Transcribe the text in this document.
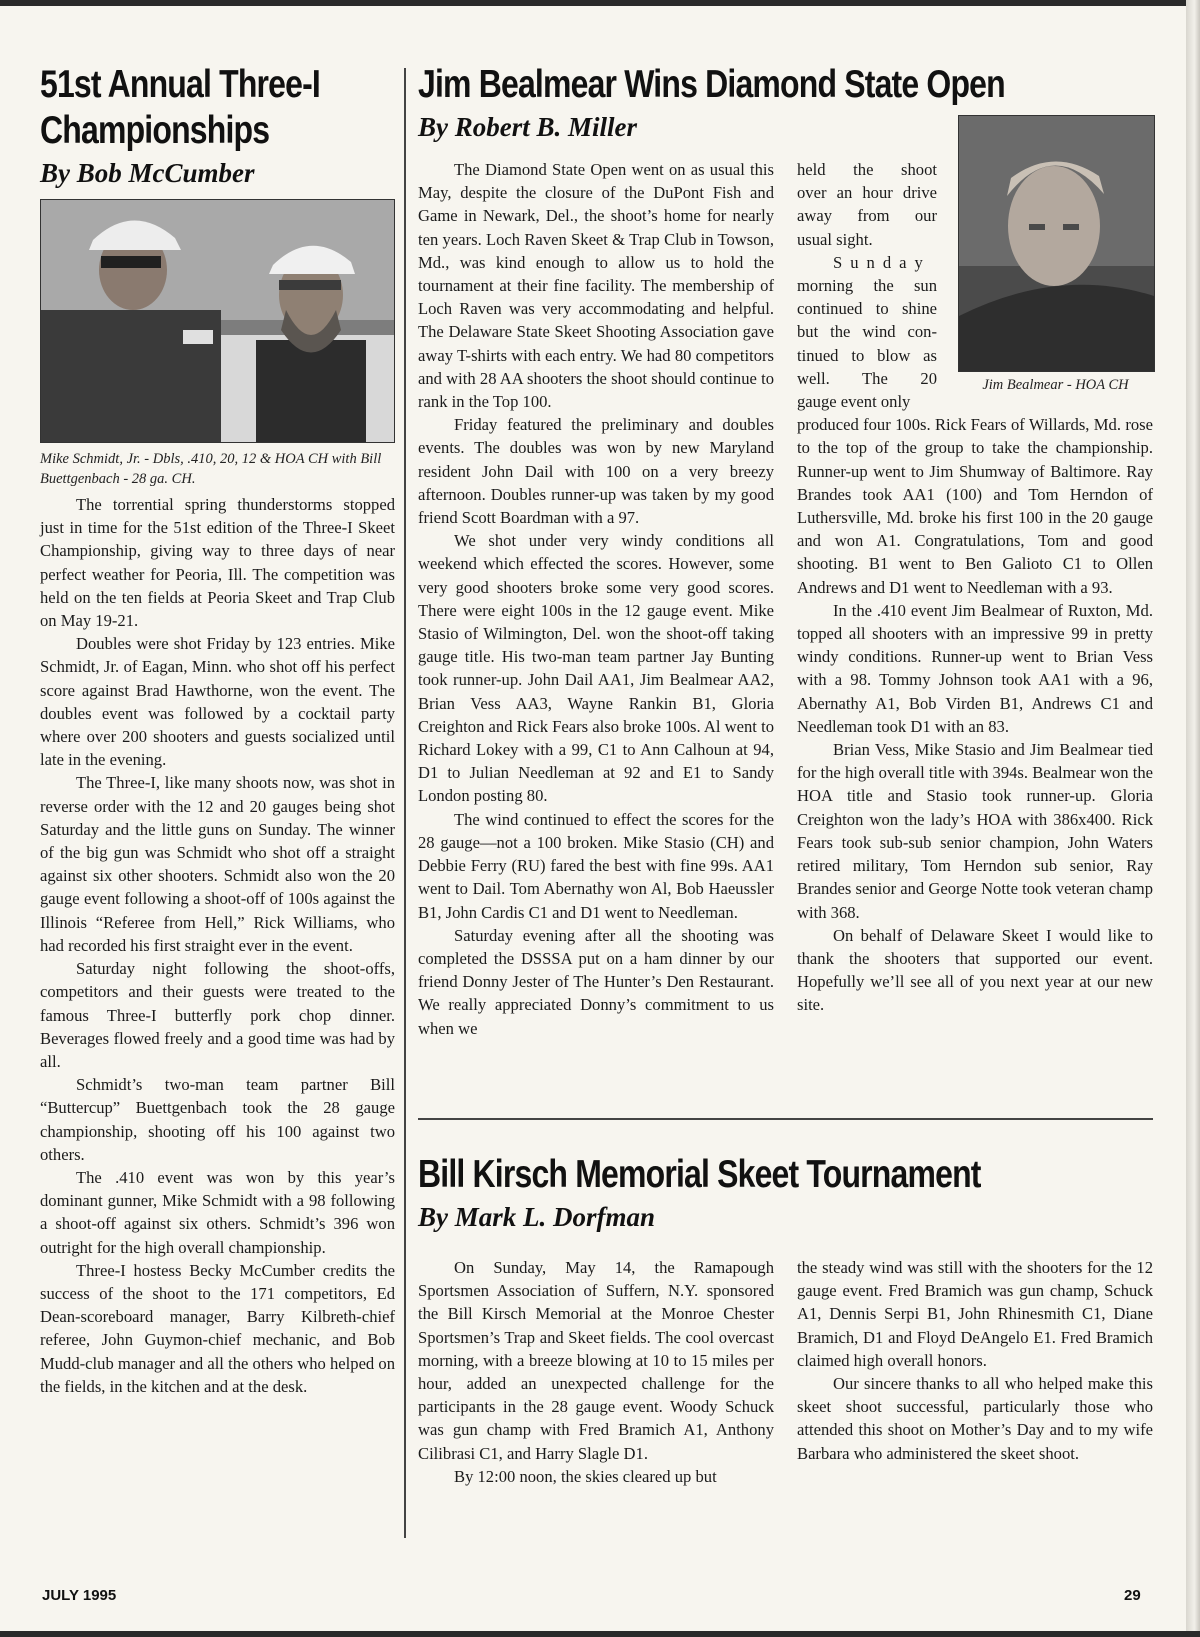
51st Annual Three-I Championships
By Bob McCumber
Mike Schmidt, Jr. - Dbls, .410, 20, 12 & HOA CH with Bill Buettgenbach - 28 ga. CH.

The torrential spring thunderstorms stopped just in time for the 51st edition of the Three-I Skeet Championship, giving way to three days of near perfect weather for Peoria, Ill. The competition was held on the ten fields at Peoria Skeet and Trap Club on May 19-21.

Doubles were shot Friday by 123 entries. Mike Schmidt, Jr. of Eagan, Minn. who shot off his perfect score against Brad Hawthorne, won the event. The doubles event was followed by a cocktail party where over 200 shooters and guests socialized until late in the evening.

The Three-I, like many shoots now, was shot in reverse order with the 12 and 20 gauges being shot Saturday and the little guns on Sunday. The winner of the big gun was Schmidt who shot off a straight against six other shooters. Schmidt also won the 20 gauge event following a shoot-off of 100s against the Illinois “Referee from Hell,” Rick Williams, who had recorded his first straight ever in the event.

Saturday night following the shoot-offs, competitors and their guests were treated to the famous Three-I butterfly pork chop dinner. Beverages flowed freely and a good time was had by all.

Schmidt’s two-man team partner Bill “Buttercup” Buettgenbach took the 28 gauge championship, shooting off his 100 against two others.

The .410 event was won by this year’s dominant gunner, Mike Schmidt with a 98 following a shoot-off against six others. Schmidt’s 396 won outright for the high overall championship.

Three-I hostess Becky McCumber credits the success of the shoot to the 171 competitors, Ed Dean-scoreboard manager, Barry Kilbreth-chief referee, John Guymon-chief mechanic, and Bob Mudd-club manager and all the others who helped on the fields, in the kitchen and at the desk.

Jim Bealmear Wins Diamond State Open
By Robert B. Miller
Jim Bealmear - HOA CH

The Diamond State Open went on as usual this May, despite the closure of the DuPont Fish and Game in Newark, Del., the shoot’s home for nearly ten years. Loch Raven Skeet & Trap Club in Towson, Md., was kind enough to allow us to hold the tournament at their fine facility. The membership of Loch Raven was very accommodating and helpful. The Delaware State Skeet Shooting Association gave away T-shirts with each entry. We had 80 competitors and with 28 AA shooters the shoot should continue to rank in the Top 100.

Friday featured the preliminary and doubles events. The doubles was won by new Maryland resident John Dail with 100 on a very breezy afternoon. Doubles runner-up was taken by my good friend Scott Boardman with a 97.

We shot under very windy conditions all weekend which effected the scores. However, some very good shooters broke some very good scores. There were eight 100s in the 12 gauge event. Mike Stasio of Wilmington, Del. won the shoot-off taking gauge title. His two-man team partner Jay Bunting took runner-up. John Dail AA1, Jim Bealmear AA2, Brian Vess AA3, Wayne Rankin B1, Gloria Creighton and Rick Fears also broke 100s. Al went to Richard Lokey with a 99, C1 to Ann Calhoun at 94, D1 to Julian Needleman at 92 and E1 to Sandy London posting 80.

The wind continued to effect the scores for the 28 gauge—not a 100 broken. Mike Stasio (CH) and Debbie Ferry (RU) fared the best with fine 99s. AA1 went to Dail. Tom Abernathy won Al, Bob Haeussler B1, John Cardis C1 and D1 went to Needleman.

Saturday evening after all the shooting was completed the DSSSA put on a ham dinner by our friend Donny Jester of The Hunter’s Den Restaurant. We really appreciated Donny’s commitment to us when we

held the shoot
over an hour drive
away from our
usual sight.
Sunday
morning the sun
continued to shine
but the wind con-
tinued to blow as
well. The 20
gauge event only
produced four 100s. Rick Fears of Willards, Md. rose to the top of the group to take the championship. Runner-up went to Jim Shumway of Baltimore. Ray Brandes took AA1 (100) and Tom Herndon of Luthersville, Md. broke his first 100 in the 20 gauge and won A1. Congratulations, Tom and good shooting. B1 went to Ben Galioto C1 to Ollen Andrews and D1 went to Needleman with a 93.

In the .410 event Jim Bealmear of Ruxton, Md. topped all shooters with an impressive 99 in pretty windy conditions. Runner-up went to Brian Vess with a 98. Tommy Johnson took AA1 with a 96, Abernathy A1, Bob Virden B1, Andrews C1 and Needleman took D1 with an 83.

Brian Vess, Mike Stasio and Jim Bealmear tied for the high overall title with 394s. Bealmear won the HOA title and Stasio took runner-up. Gloria Creighton won the lady’s HOA with 386x400. Rick Fears took sub-sub senior champion, John Waters retired military, Tom Herndon sub senior, Ray Brandes senior and George Notte took veteran champ with 368.

On behalf of Delaware Skeet I would like to thank the shooters that supported our event. Hopefully we’ll see all of you next year at our new site.

Bill Kirsch Memorial Skeet Tournament
By Mark L. Dorfman

On Sunday, May 14, the Ramapough Sportsmen Association of Suffern, N.Y. sponsored the Bill Kirsch Memorial at the Monroe Chester Sportsmen’s Trap and Skeet fields. The cool overcast morning, with a breeze blowing at 10 to 15 miles per hour, added an unexpected challenge for the participants in the 28 gauge event. Woody Schuck was gun champ with Fred Bramich A1, Anthony Cilibrasi C1, and Harry Slagle D1.

By 12:00 noon, the skies cleared up but

the steady wind was still with the shooters for the 12 gauge event. Fred Bramich was gun champ, Schuck A1, Dennis Serpi B1, John Rhinesmith C1, Diane Bramich, D1 and Floyd DeAngelo E1. Fred Bramich claimed high overall honors.

Our sincere thanks to all who helped make this skeet shoot successful, particularly those who attended this shoot on Mother’s Day and to my wife Barbara who administered the skeet shoot.

JULY 1995	29
